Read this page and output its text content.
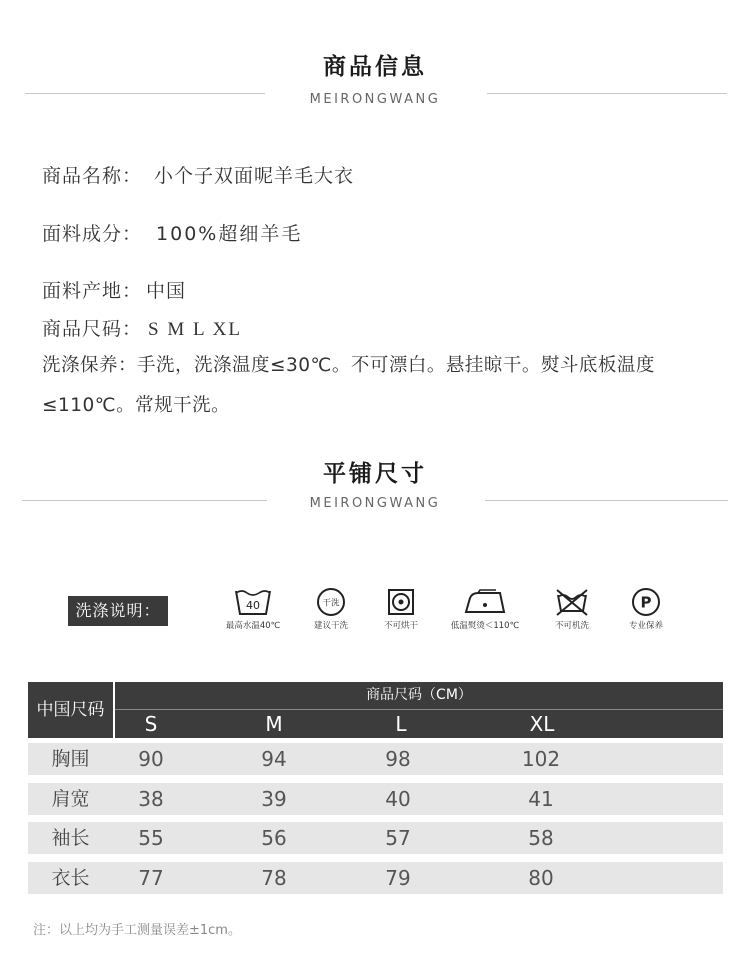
商品信息
MEIRONGWANG
商品名称： 小个子双面呢羊毛大衣
面料成分： 100%超细羊毛
面料产地： 中国
商品尺码： S M L XL
洗涤保养：手洗，洗涤温度≤30℃。不可漂白。悬挂晾干。熨斗底板温度
≤110℃。常规干洗。
平铺尺寸
MEIRONGWANG
洗涤说明：	40
最高水温40℃
干洗
建议干洗	不可烘干	低温熨烫＜110℃	不可机洗
P
专业保养
中国尺码
商品尺码（CM）
S	M	L	XL
胸围	90	94	98	102
肩宽	38	39	40	41
袖长	55	56	57	58
衣长	77	78	79	80
注：以上均为手工测量误差±1cm。
